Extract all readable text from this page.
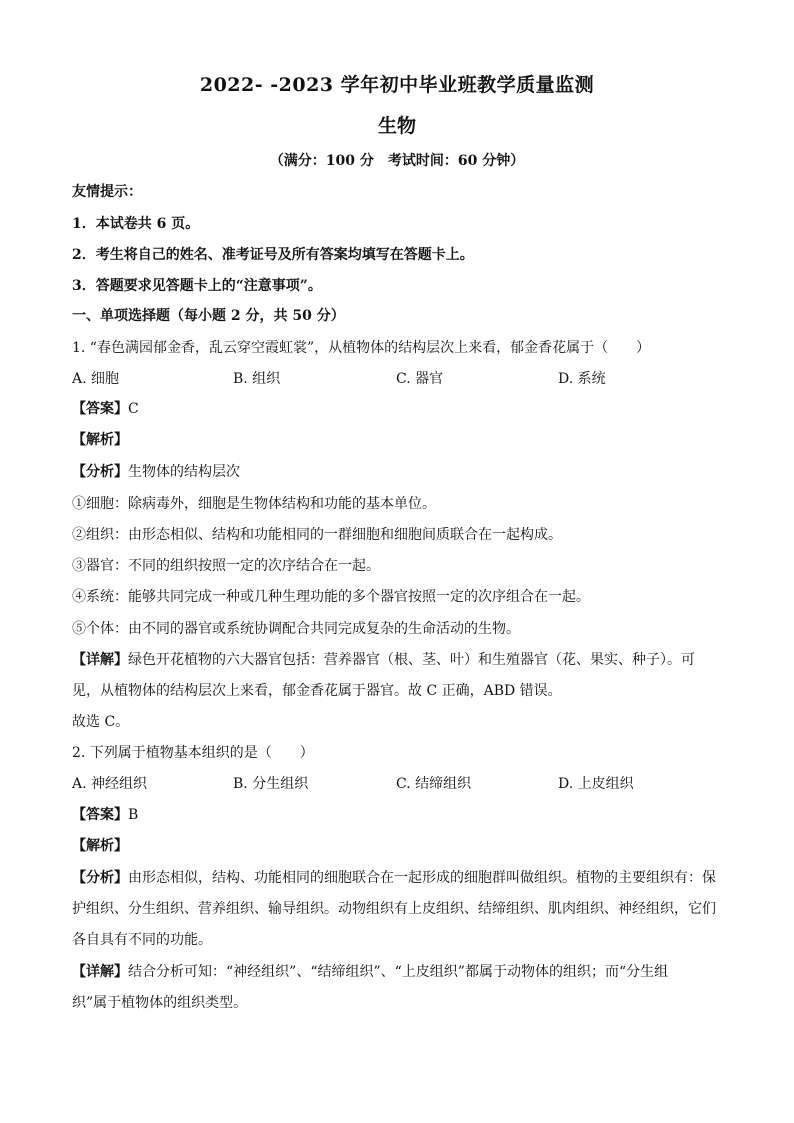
2022- -2023 学年初中毕业班教学质量监测
生物
（满分：100 分　考试时间：60 分钟）
友情提示：
1．本试卷共 6 页。
2．考生将自己的姓名、准考证号及所有答案均填写在答题卡上。
3．答题要求见答题卡上的“注意事项”。
一、单项选择题（每小题 2 分，共 50 分）
1. “春色满园郁金香，乱云穿空霞虹裳”，从植物体的结构层次上来看，郁金香花属于（　　）
A. 细胞	B. 组织	C. 器官	D. 系统
【答案】C
【解析】
【分析】生物体的结构层次
①细胞：除病毒外，细胞是生物体结构和功能的基本单位。
②组织：由形态相似、结构和功能相同的一群细胞和细胞间质联合在一起构成。
③器官：不同的组织按照一定的次序结合在一起。
④系统：能够共同完成一种或几种生理功能的多个器官按照一定的次序组合在一起。
⑤个体：由不同的器官或系统协调配合共同完成复杂的生命活动的生物。
【详解】绿色开花植物的六大器官包括：营养器官（根、茎、叶）和生殖器官（花、果实、种子）。可
见，从植物体的结构层次上来看，郁金香花属于器官。故 C 正确，ABD 错误。
故选 C。
2. 下列属于植物基本组织的是（　　）
A. 神经组织	B. 分生组织	C. 结缔组织	D. 上皮组织
【答案】B
【解析】
【分析】由形态相似，结构、功能相同的细胞联合在一起形成的细胞群叫做组织。植物的主要组织有：保
护组织、分生组织、营养组织、输导组织。动物组织有上皮组织、结缔组织、肌肉组织、神经组织，它们
各自具有不同的功能。
【详解】结合分析可知：“神经组织”、“结缔组织”、“上皮组织”都属于动物体的组织；而“分生组
织”属于植物体的组织类型。
